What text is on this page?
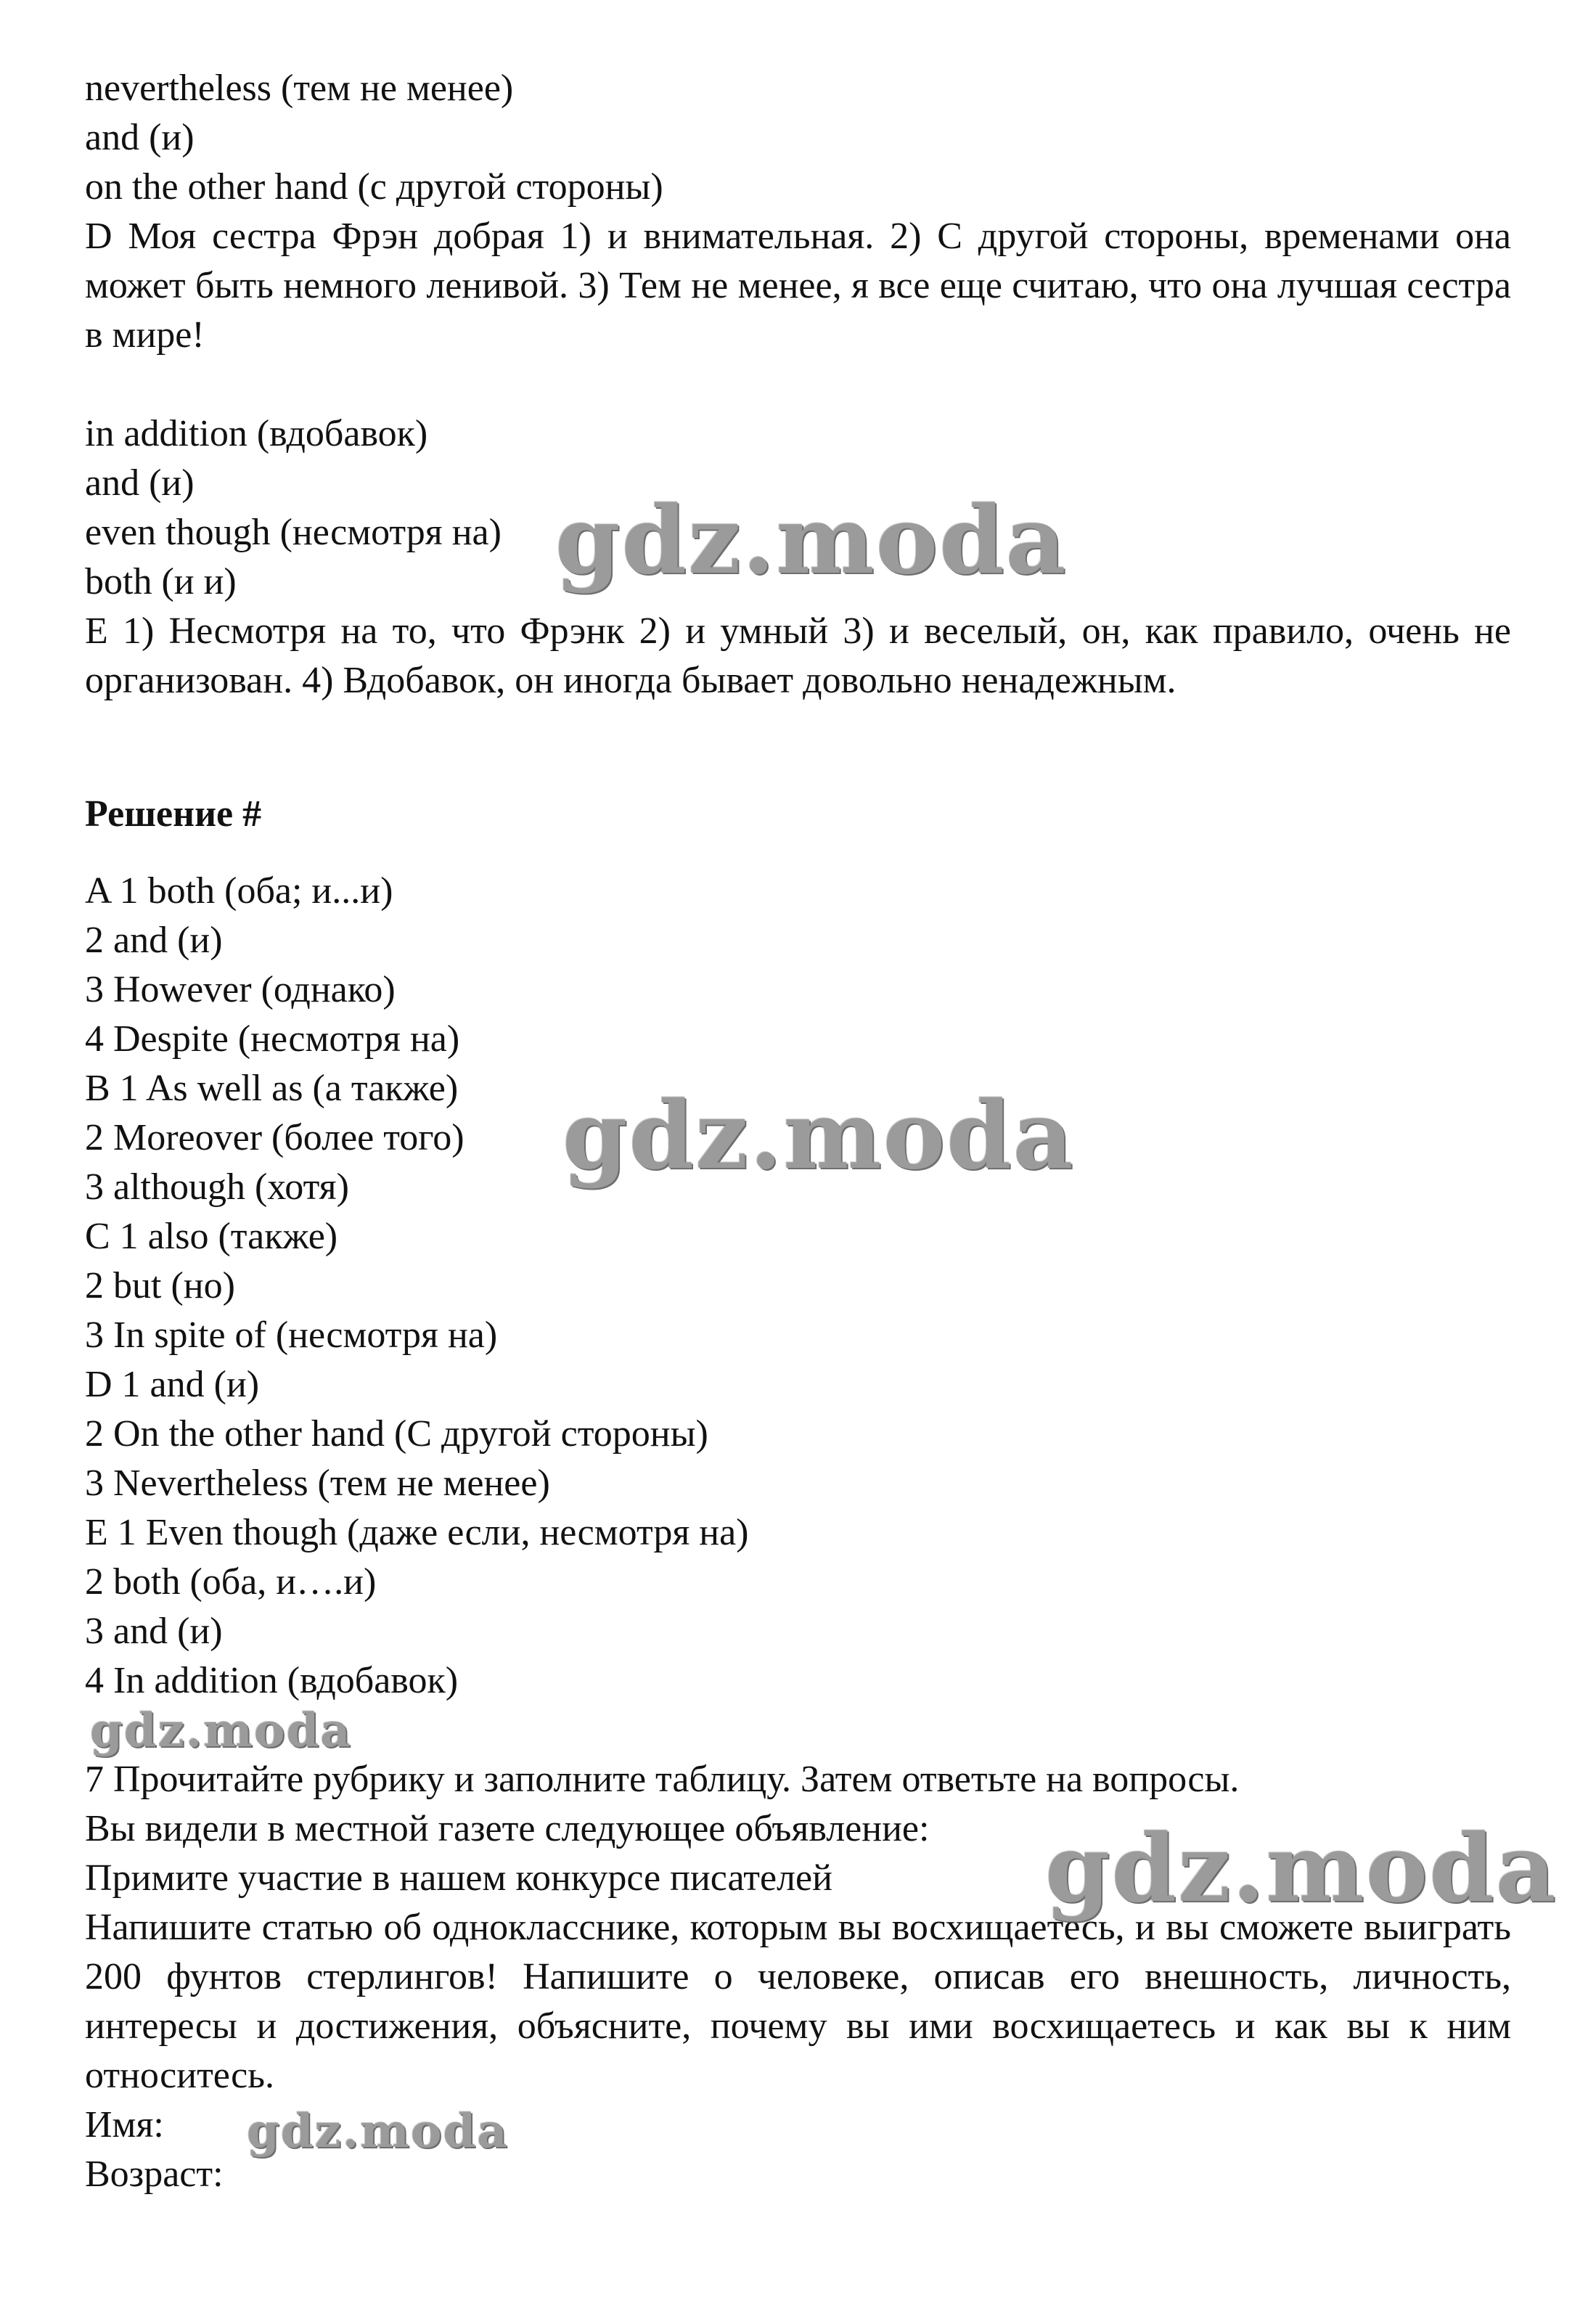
nevertheless (тем не менее)
and (и)
on the other hand (с другой стороны)
D Моя сестра Фрэн добрая 1) и внимательная. 2) С другой стороны, временами она может быть немного ленивой. 3) Тем не менее, я все еще считаю, что она лучшая сестра в мире!
in addition (вдобавок)
and (и)
even though (несмотря на)
both (и и)
E 1) Несмотря на то, что Фрэнк 2) и умный 3) и веселый, он, как правило, очень не организован. 4) Вдобавок, он иногда бывает довольно ненадежным.
Решение #
A 1 both (оба; и...и)
2 and (и)
3 However (однако)
4 Despite (несмотря на)
B 1 As well as (а также)
2 Moreover (более того)
3 although (хотя)
C 1 also (также)
2 but (но)
3 In spite of (несмотря на)
D 1 and (и)
2 On the other hand (С другой стороны)
3 Nevertheless (тем не менее)
E 1 Even though (даже если, несмотря на)
2 both (оба, и….и)
3 and (и)
4 In addition (вдобавок)
7 Прочитайте рубрику и заполните таблицу. Затем ответьте на вопросы.
Вы видели в местной газете следующее объявление:
Примите участие в нашем конкурсе писателей
Напишите статью об однокласснике, которым вы восхищаетесь, и вы сможете выиграть 200 фунтов стерлингов! Напишите о человеке, описав его внешность, личность, интересы и достижения, объясните, почему вы ими восхищаетесь и как вы к ним относитесь.
Имя:
Возраст:
gdz.moda
gdz.moda
gdz.moda
gdz.moda
gdz.moda
